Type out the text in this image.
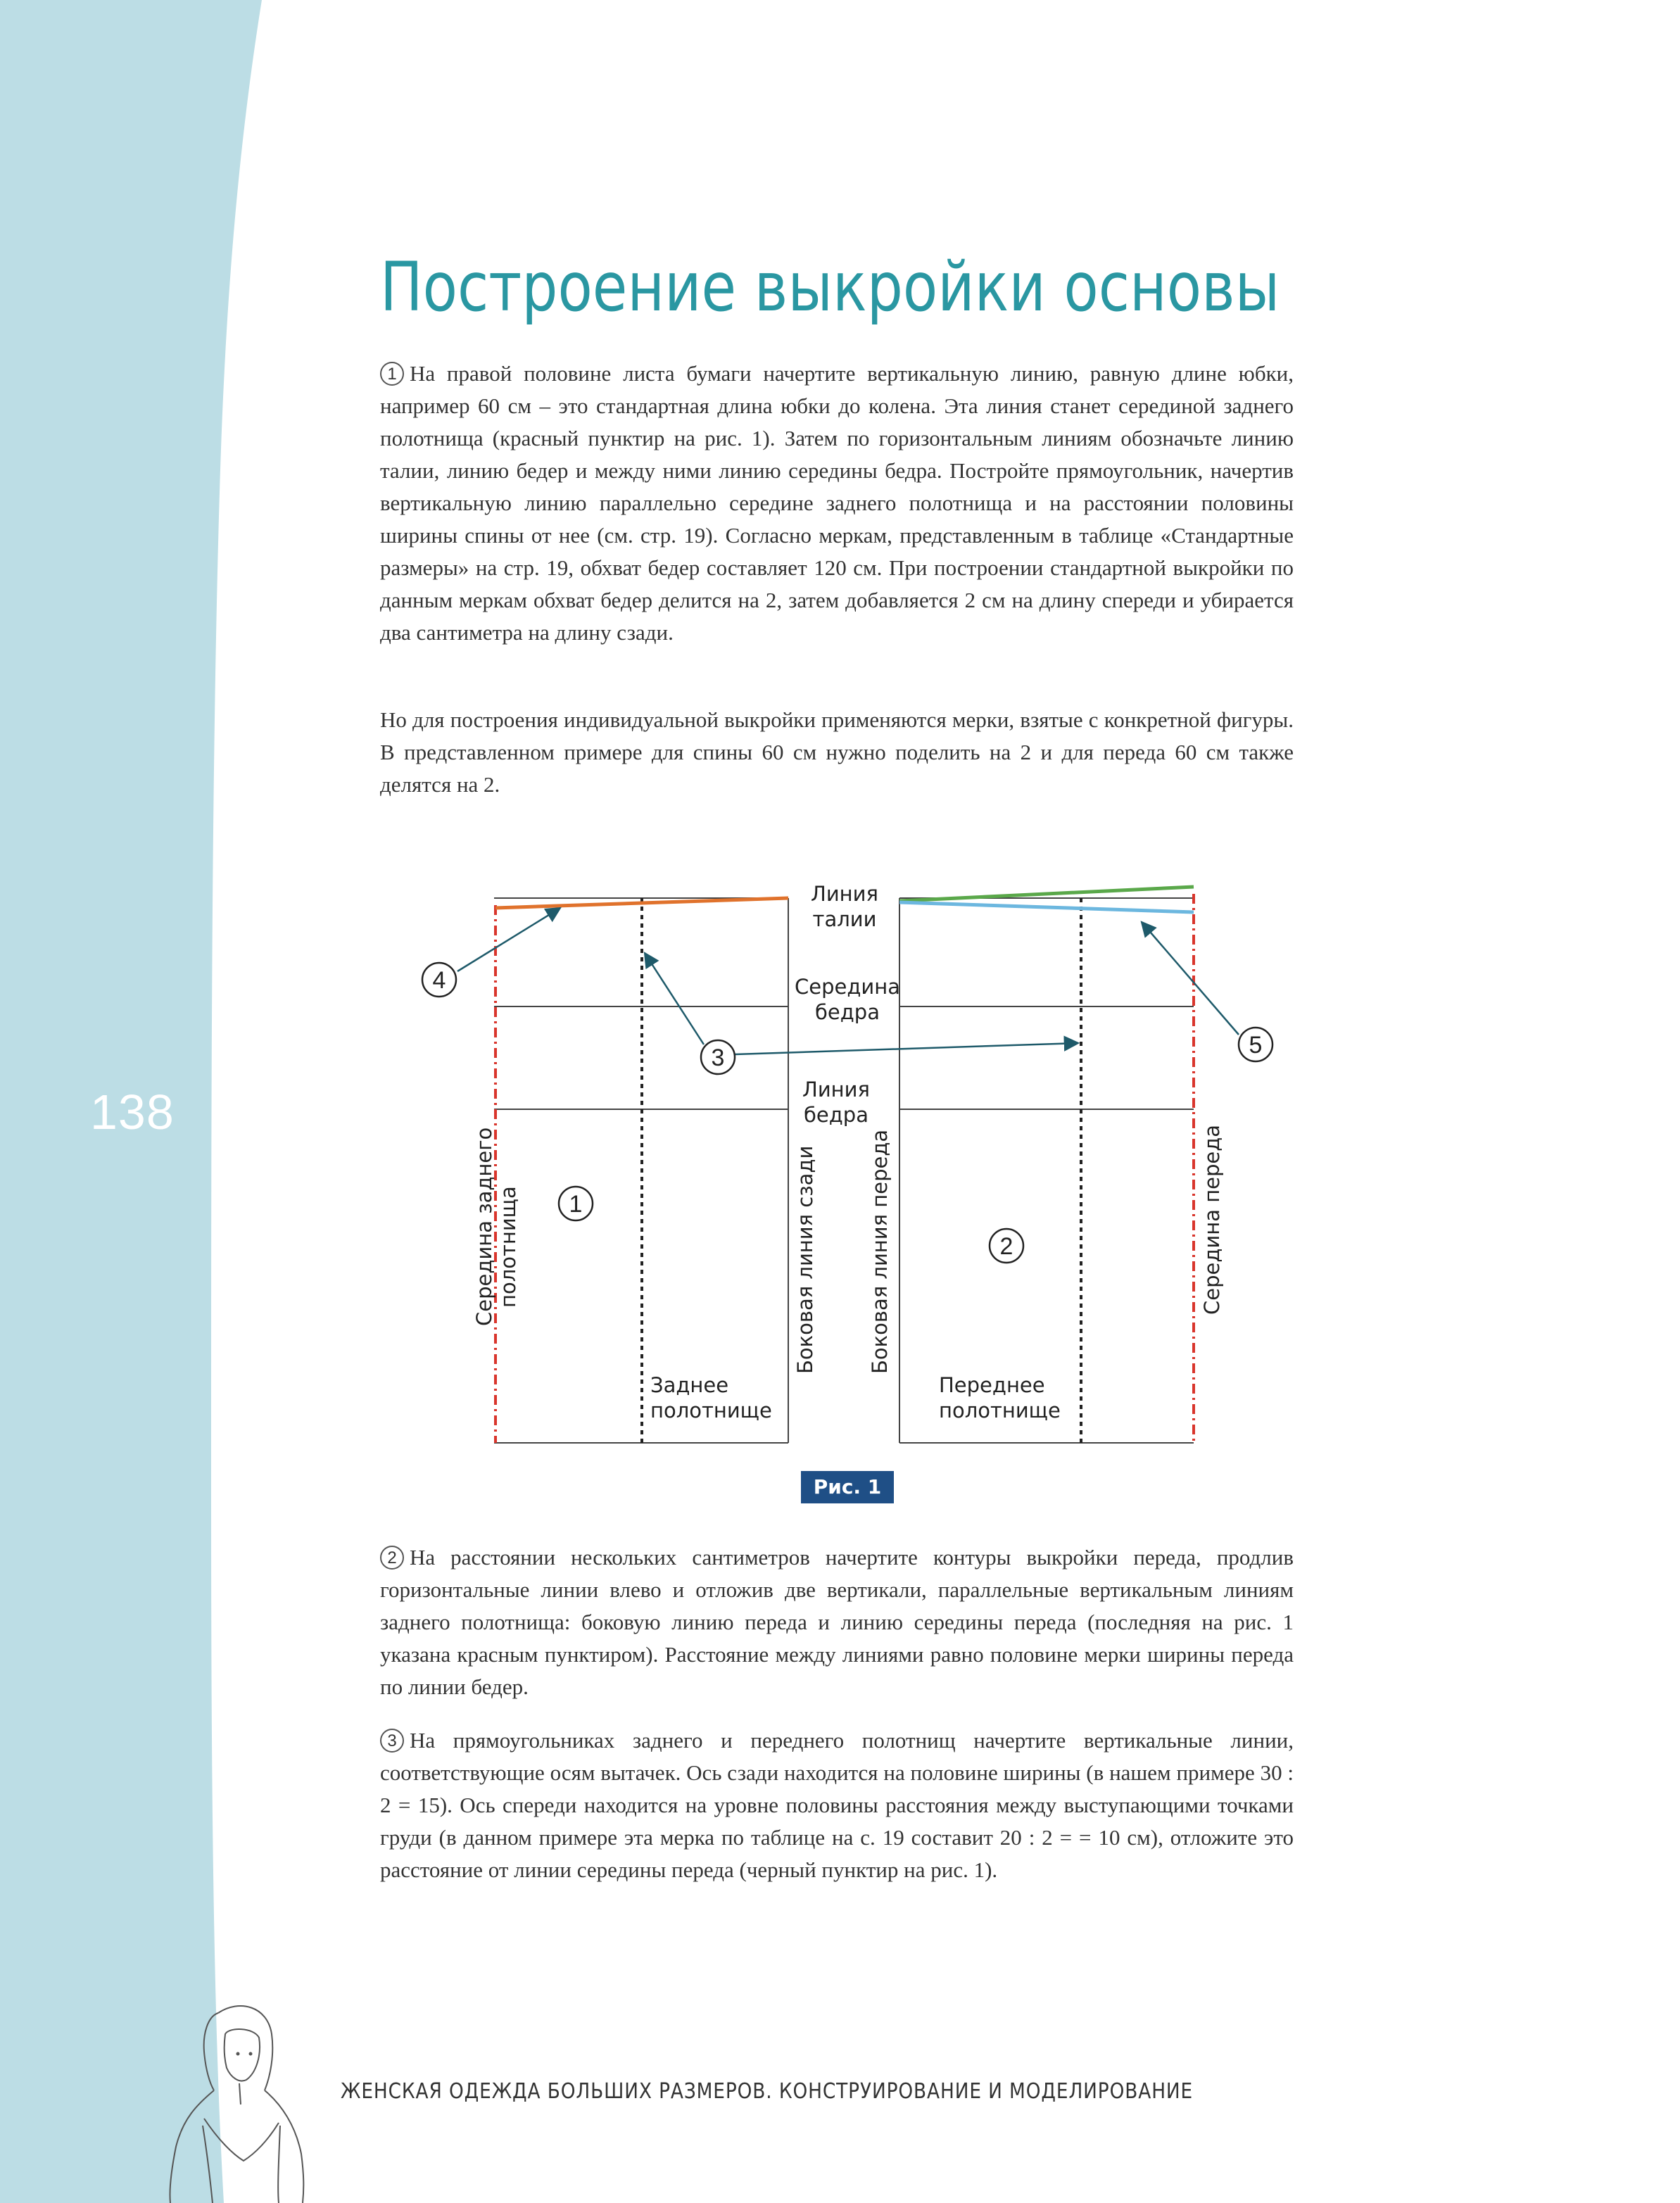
138
Построение выкройки основы
1 На правой половине листа бумаги начертите вертикальную линию, равную длине юбки, например 60 см – это стандартная длина юбки до колена. Эта линия станет серединой заднего полотнища (красный пунктир на рис. 1). Затем по горизонтальным линиям обозначьте линию талии, линию бедер и между ними линию середины бедра. Постройте прямоугольник, начертив вертикальную линию параллельно середине заднего полотнища и на расстоянии половины ширины спины от нее (см. стр. 19). Согласно меркам, представленным в таблице «Стандартные размеры» на стр. 19, обхват бедер составляет 120 см. При построении стандартной выкройки по данным меркам обхват бедер делится на 2, затем добавляется 2 см на длину спереди и убирается два сантиметра на длину сзади.
Но для построения индивидуальной выкройки применяются мерки, взятые с конкретной фигуры. В представленном примере для спины 60 см нужно поделить на 2 и для переда 60 см также делятся на 2.
Линия
талии
Середина
бедра
Линия
бедра
Середина заднего полотнища	Боковая линия сзади Боковая линия переда	Середина переда
Заднее
полотнище
Переднее
полотнище
4
3	5
1
2
Рис. 1
2 На расстоянии нескольких сантиметров начертите контуры выкройки переда, продлив горизонтальные линии влево и отложив две вертикали, параллельные вертикальным линиям заднего полотнища: боковую линию переда и линию середины переда (последняя на рис. 1 указана красным пунктиром). Расстояние между линиями равно половине мерки ширины переда по линии бедер.
3 На прямоугольниках заднего и переднего полотнищ начертите вертикальные линии, соответствующие осям вытачек. Ось сзади находится на половине ширины (в нашем примере 30 : 2 = 15). Ось спереди находится на уровне половины расстояния между выступающими точками груди (в данном примере эта мерка по таблице на с. 19 составит 20 : 2 = = 10 см), отложите это расстояние от линии середины переда (черный пунктир на рис. 1).
ЖЕНСКАЯ ОДЕЖДА БОЛЬШИХ РАЗМЕРОВ. КОНСТРУИРОВАНИЕ И МОДЕЛИРОВАНИЕ
